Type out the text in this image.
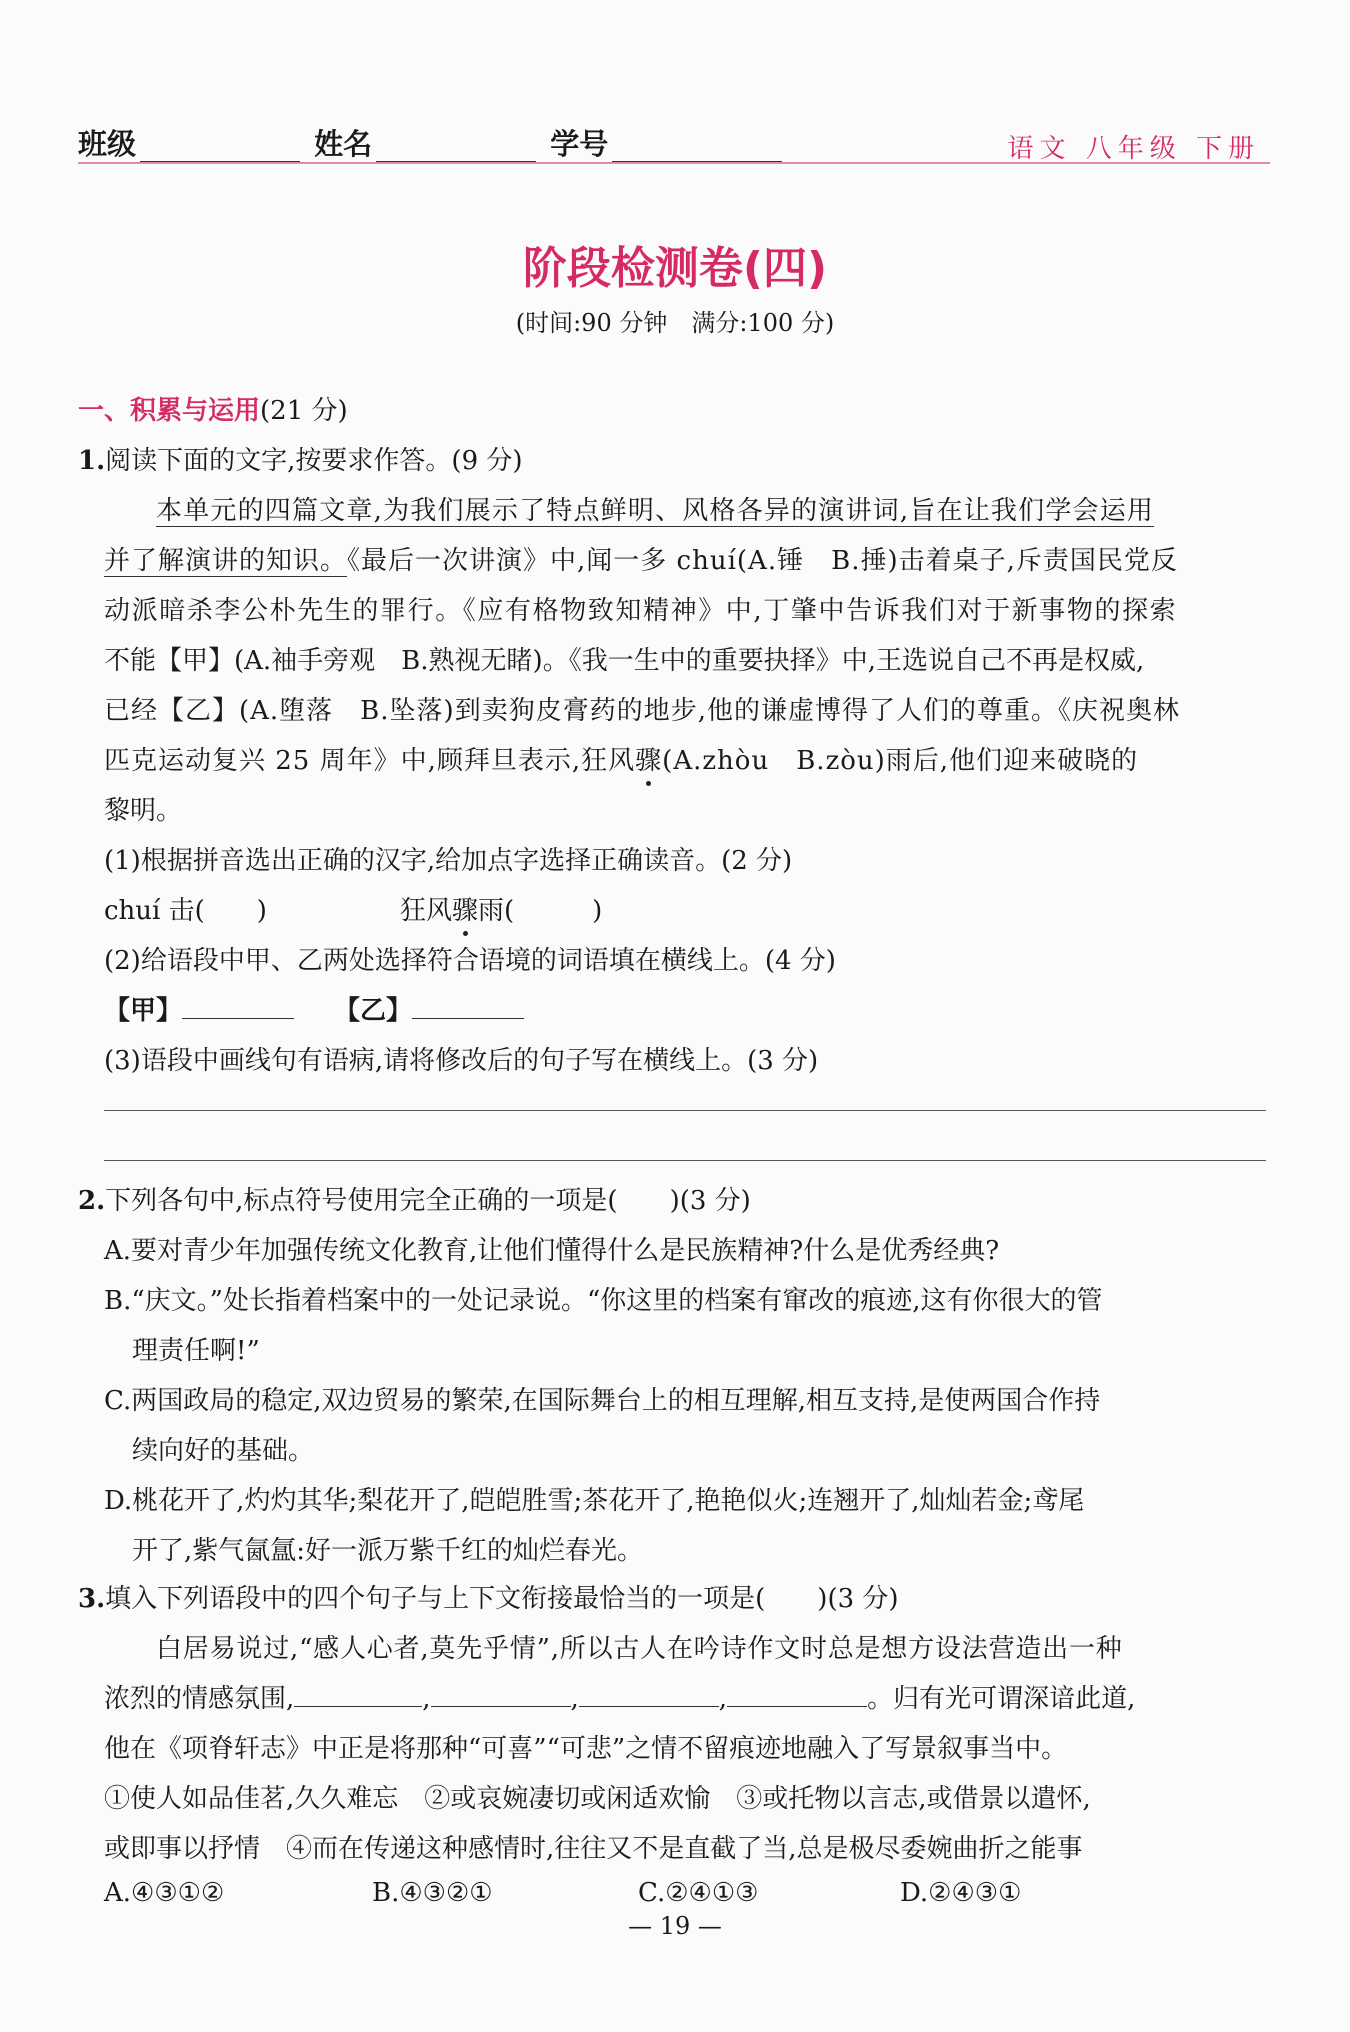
班级	姓名	学号	语文 八年级 下册
阶段检测卷(四)
(时间:90 分钟　满分:100 分)
一、积累与运用(21 分)
1.阅读下面的文字,按要求作答。(9 分)
本单元的四篇文章,为我们展示了特点鲜明、风格各异的演讲词,旨在让我们学会运用
并了解演讲的知识。《最后一次讲演》中,闻一多 chuí(A.锤　B.捶)击着桌子,斥责国民党反
动派暗杀李公朴先生的罪行。《应有格物致知精神》中,丁肇中告诉我们对于新事物的探索
不能【甲】(A.袖手旁观　B.熟视无睹)。《我一生中的重要抉择》中,王选说自己不再是权威,
已经【乙】(A.堕落　B.坠落)到卖狗皮膏药的地步,他的谦虚博得了人们的尊重。《庆祝奥林
匹克运动复兴 25 周年》中,顾拜旦表示,狂风骤(A.zhòu　B.zòu)雨后,他们迎来破晓的
黎明。
(1)根据拼音选出正确的汉字,给加点字选择正确读音。(2 分)
chuí 击(　　)	狂风骤雨(　　　)
(2)给语段中甲、乙两处选择符合语境的词语填在横线上。(4 分)
【甲】	【乙】
(3)语段中画线句有语病,请将修改后的句子写在横线上。(3 分)
2.下列各句中,标点符号使用完全正确的一项是(　　)(3 分)
A.要对青少年加强传统文化教育,让他们懂得什么是民族精神?什么是优秀经典?
B.“庆文。”处长指着档案中的一处记录说。“你这里的档案有窜改的痕迹,这有你很大的管
理责任啊!”
C.两国政局的稳定,双边贸易的繁荣,在国际舞台上的相互理解,相互支持,是使两国合作持
续向好的基础。
D.桃花开了,灼灼其华;梨花开了,皑皑胜雪;茶花开了,艳艳似火;连翘开了,灿灿若金;鸢尾
开了,紫气氤氲:好一派万紫千红的灿烂春光。
3.填入下列语段中的四个句子与上下文衔接最恰当的一项是(　　)(3 分)
白居易说过,“感人心者,莫先乎情”,所以古人在吟诗作文时总是想方设法营造出一种
浓烈的情感氛围,	,	,	,	。归有光可谓深谙此道,
他在《项脊轩志》中正是将那种“可喜”“可悲”之情不留痕迹地融入了写景叙事当中。
①使人如品佳茗,久久难忘　②或哀婉凄切或闲适欢愉　③或托物以言志,或借景以遣怀,
或即事以抒情　④而在传递这种感情时,往往又不是直截了当,总是极尽委婉曲折之能事
A.④③①②	B.④③②①	C.②④①③	D.②④③①
— 19 —
